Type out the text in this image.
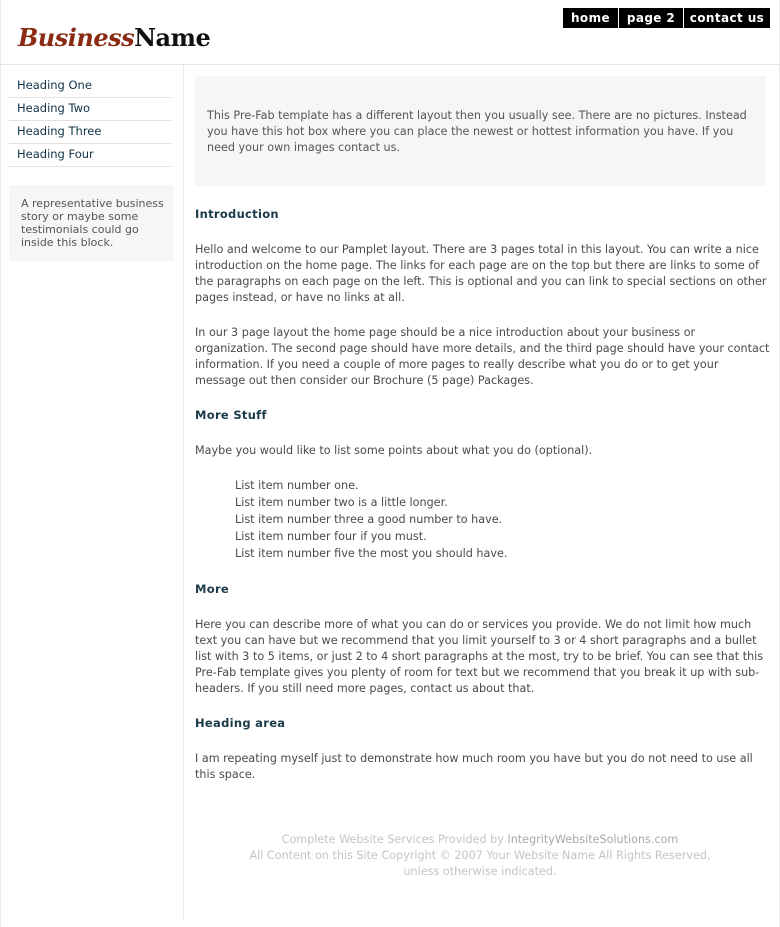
BusinessName
home	page 2	contact us
Heading One
Heading Two
Heading Three
Heading Four
A representative business story or maybe some testimonials could go inside this block.
This Pre-Fab template has a different layout then you usually see. There are no pictures. Instead you have this hot box where you can place the newest or hottest information you have. If you need your own images contact us.
Introduction

Hello and welcome to our Pamplet layout. There are 3 pages total in this layout. You can write a nice introduction on the home page. The links for each page are on the top but there are links to some of the paragraphs on each page on the left. This is optional and you can link to special sections on other pages instead, or have no links at all.

In our 3 page layout the home page should be a nice introduction about your business or organization. The second page should have more details, and the third page should have your contact information. If you need a couple of more pages to really describe what you do or to get your message out then consider our Brochure (5 page) Packages.

More Stuff

Maybe you would like to list some points about what you do (optional).

List item number one.
List item number two is a little longer.
List item number three a good number to have.
List item number four if you must.
List item number five the most you should have.
More

Here you can describe more of what you can do or services you provide. We do not limit how much text you can have but we recommend that you limit yourself to 3 or 4 short paragraphs and a bullet list with 3 to 5 items, or just 2 to 4 short paragraphs at the most, try to be brief. You can see that this Pre-Fab template gives you plenty of room for text but we recommend that you break it up with sub-headers. If you still need more pages, contact us about that.

Heading area

I am repeating myself just to demonstrate how much room you have but you do not need to use all this space.

Complete Website Services Provided by IntegrityWebsiteSolutions.com
All Content on this Site Copyright © 2007 Your Website Name All Rights Reserved,
unless otherwise indicated.
